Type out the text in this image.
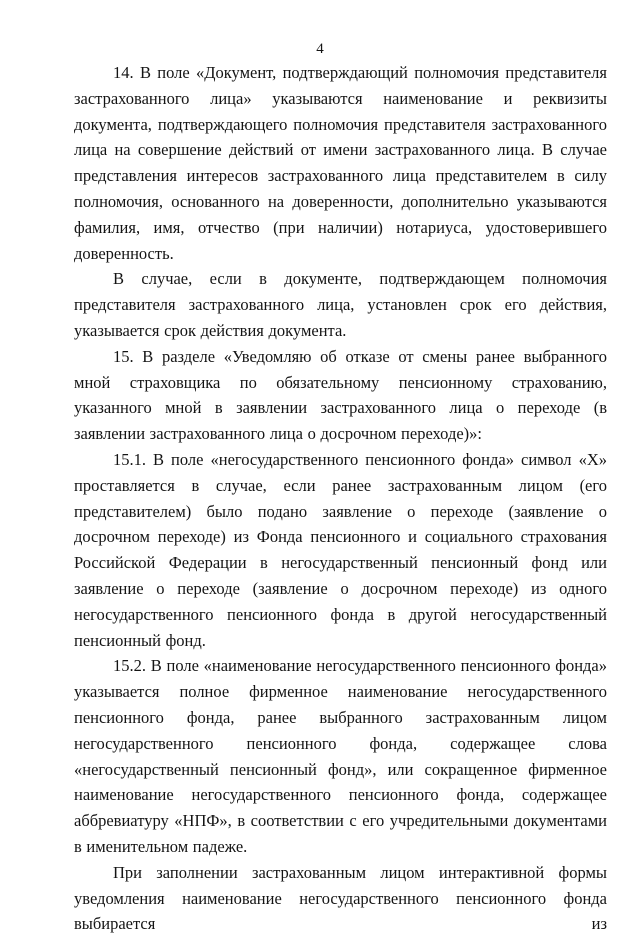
4

14. В поле «Документ, подтверждающий полномочия представителя застрахованного лица» указываются наименование и реквизиты документа, подтверждающего полномочия представителя застрахованного лица на совершение действий от имени застрахованного лица. В случае представления интересов застрахованного лица представителем в силу полномочия, основанного на доверенности, дополнительно указываются фамилия, имя, отчество (при наличии) нотариуса, удостоверившего доверенность.

В случае, если в документе, подтверждающем полномочия представителя застрахованного лица, установлен срок его действия, указывается срок действия документа.

15. В разделе «Уведомляю об отказе от смены ранее выбранного мной страховщика по обязательному пенсионному страхованию, указанного мной в заявлении застрахованного лица о переходе (в заявлении застрахованного лица о досрочном переходе)»:

15.1. В поле «негосударственного пенсионного фонда» символ «X» проставляется в случае, если ранее застрахованным лицом (его представителем) было подано заявление о переходе (заявление о досрочном переходе) из Фонда пенсионного и социального страхования Российской Федерации в негосударственный пенсионный фонд или заявление о переходе (заявление о досрочном переходе) из одного негосударственного пенсионного фонда в другой негосударственный пенсионный фонд.

15.2. В поле «наименование негосударственного пенсионного фонда» указывается полное фирменное наименование негосударственного пенсионного фонда, ранее выбранного застрахованным лицом негосударственного пенсионного фонда, содержащее слова «негосударственный пенсионный фонд», или сокращенное фирменное наименование негосударственного пенсионного фонда, содержащее аббревиатуру «НПФ», в соответствии с его учредительными документами в именительном падеже.

При заполнении застрахованным лицом интерактивной формы уведомления наименование негосударственного пенсионного фонда выбирается из
